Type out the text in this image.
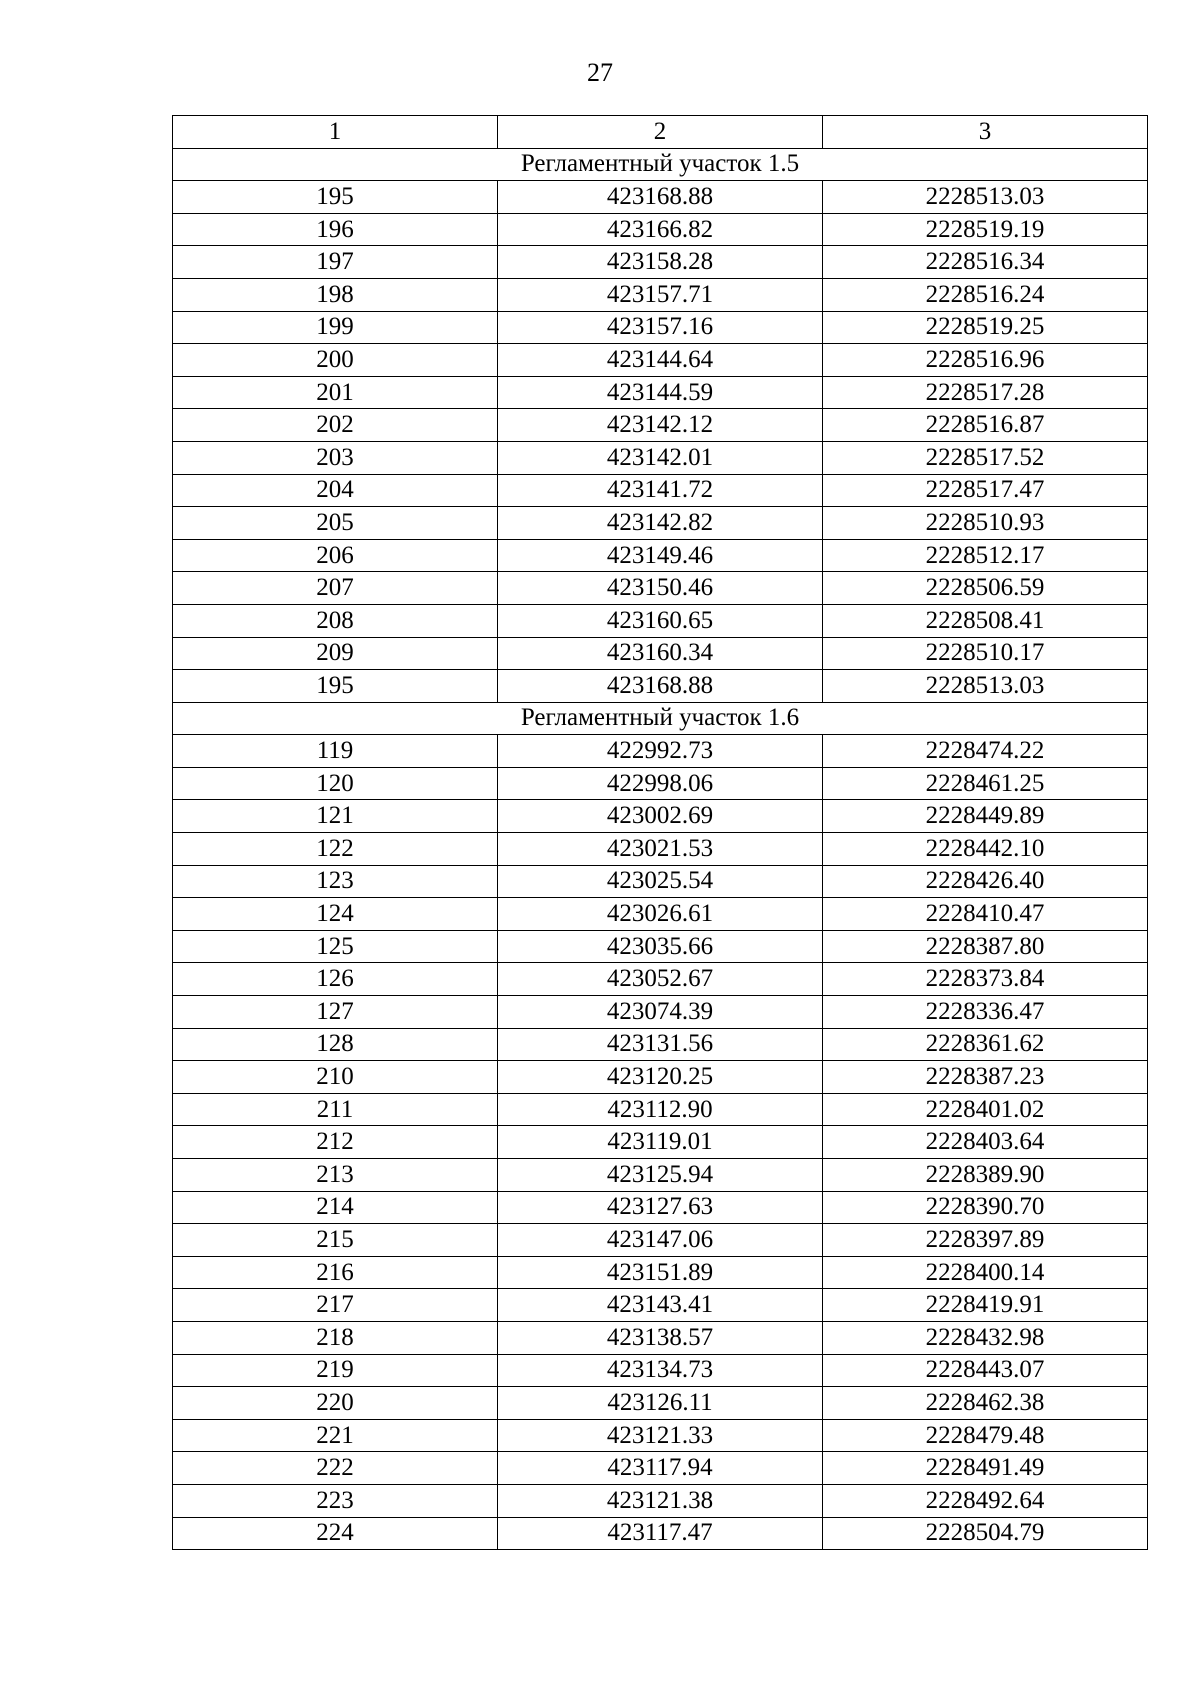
27
1	2	3
Регламентный участок 1.5		
195	423168.88	2228513.03
196	423166.82	2228519.19
197	423158.28	2228516.34
198	423157.71	2228516.24
199	423157.16	2228519.25
200	423144.64	2228516.96
201	423144.59	2228517.28
202	423142.12	2228516.87
203	423142.01	2228517.52
204	423141.72	2228517.47
205	423142.82	2228510.93
206	423149.46	2228512.17
207	423150.46	2228506.59
208	423160.65	2228508.41
209	423160.34	2228510.17
195	423168.88	2228513.03
Регламентный участок 1.6		
119	422992.73	2228474.22
120	422998.06	2228461.25
121	423002.69	2228449.89
122	423021.53	2228442.10
123	423025.54	2228426.40
124	423026.61	2228410.47
125	423035.66	2228387.80
126	423052.67	2228373.84
127	423074.39	2228336.47
128	423131.56	2228361.62
210	423120.25	2228387.23
211	423112.90	2228401.02
212	423119.01	2228403.64
213	423125.94	2228389.90
214	423127.63	2228390.70
215	423147.06	2228397.89
216	423151.89	2228400.14
217	423143.41	2228419.91
218	423138.57	2228432.98
219	423134.73	2228443.07
220	423126.11	2228462.38
221	423121.33	2228479.48
222	423117.94	2228491.49
223	423121.38	2228492.64
224	423117.47	2228504.79
